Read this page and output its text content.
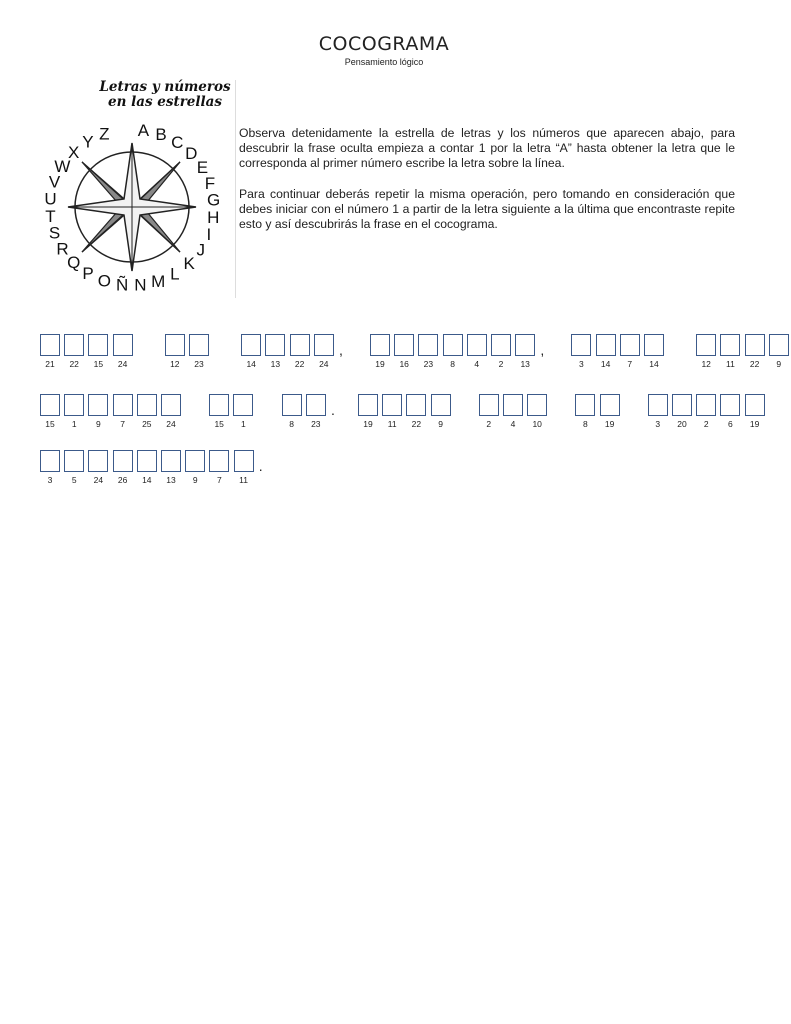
COCOGRAMA
Pensamiento lógico
Letras y números
en las estrellas
A B C
D
E
F
G
H
I
J
K
L
M
N
Ñ
O
P
Q
R
S
T
U
V
W
X
Y Z	Observa detenidamente la estrella de letras y los números que aparecen abajo, para descubrir la frase oculta empieza a contar 1 por la letra “A” hasta obtener la letra que le corresponda al primer número escribe la letra sobre la línea.

Para continuar deberás repetir la misma operación, pero tomando en consideración que debes iniciar con el número 1 a partir de la letra siguiente a la última que encontraste repite esto y así descubrirás la frase en el cocograma.

21	22	15	24	12	23	14	13	22	24
,
19	16	23	8	4	2	13
,
3	14	7	14	12	11	22	9
15	1	9	7	25	24	15	1	8	23
.
19	11	22	9	2	4	10	8	19	3	20	2	6	19
3	5	24	26	14	13	9	7	11
.
